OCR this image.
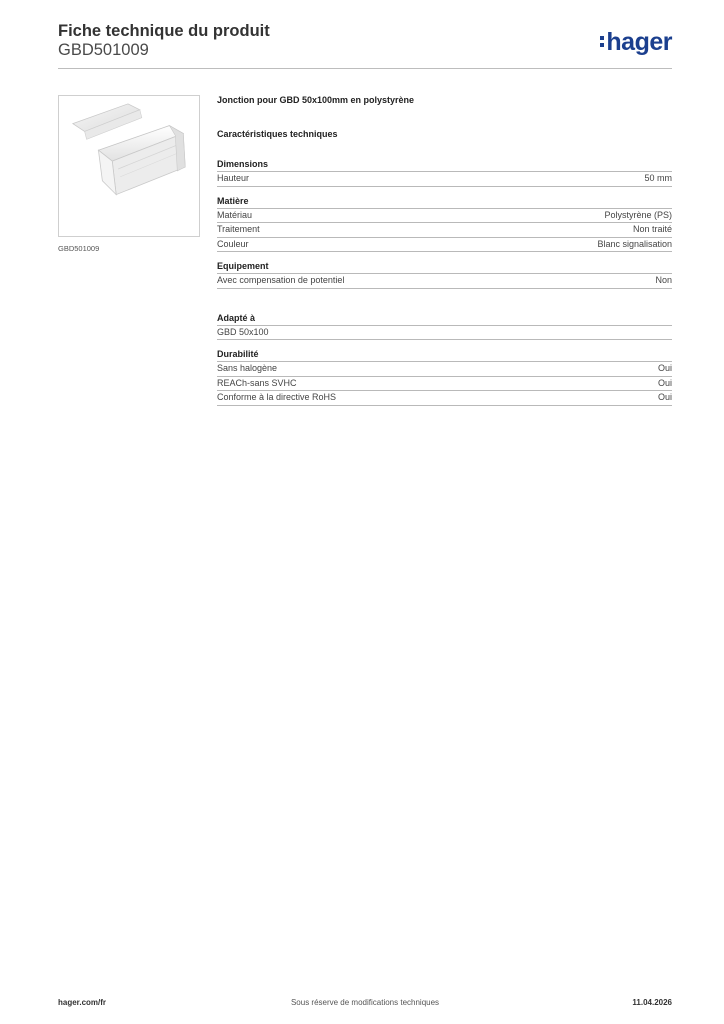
Fiche technique du produit
GBD501009	hager
GBD501009
Jonction pour GBD 50x100mm en polystyrène
Caractéristiques techniques
Dimensions
Hauteur	50 mm
Matière
Matériau	Polystyrène (PS)
Traitement	Non traité
Couleur	Blanc signalisation
Equipement
Avec compensation de potentiel	Non
Adapté à
GBD 50x100
Durabilité
Sans halogène	Oui
REACh-sans SVHC	Oui
Conforme à la directive RoHS	Oui
Sous réserve de modifications techniques
hager.com/fr	11.04.2026
